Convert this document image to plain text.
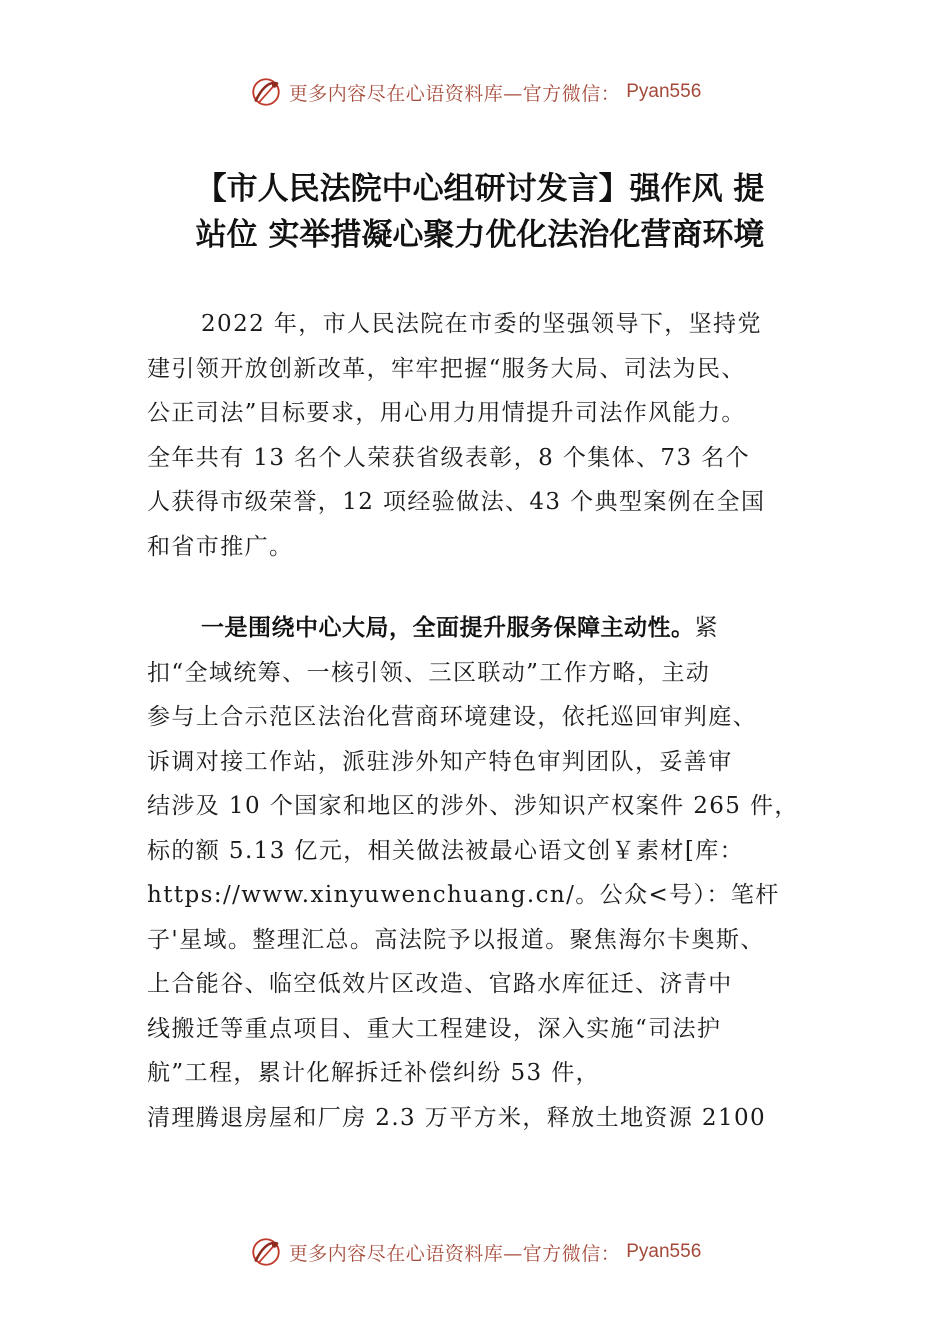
更多内容尽在心语资料库—官方微信： Pyan556
【市人民法院中心组研讨发言】强作风 提
站位 实举措凝心聚力优化法治化营商环境

2022 年，市人民法院在市委的坚强领导下，坚持党
建引领开放创新改革，牢牢把握“服务大局、司法为民、
公正司法”目标要求，用心用力用情提升司法作风能力。
全年共有 13 名个人荣获省级表彰，8 个集体、73 名个
人获得市级荣誉，12 项经验做法、43 个典型案例在全国
和省市推广。

一是围绕中心大局，全面提升服务保障主动性。紧
扣“全域统筹、一核引领、三区联动”工作方略，主动
参与上合示范区法治化营商环境建设，依托巡回审判庭、
诉调对接工作站，派驻涉外知产特色审判团队，妥善审
结涉及 10 个国家和地区的涉外、涉知识产权案件 265 件，
标的额 5.13 亿元，相关做法被最心语文创￥素材[库：
https://www.xinyuwenchuang.cn/。公众<号）：笔杆
子'星域。整理汇总。高法院予以报道。聚焦海尔卡奥斯、
上合能谷、临空低效片区改造、官路水库征迁、济青中
线搬迁等重点项目、重大工程建设，深入实施“司法护
航”工程，累计化解拆迁补偿纠纷 53 件，
清理腾退房屋和厂房 2.3 万平方米，释放土地资源 2100

更多内容尽在心语资料库—官方微信： Pyan556
